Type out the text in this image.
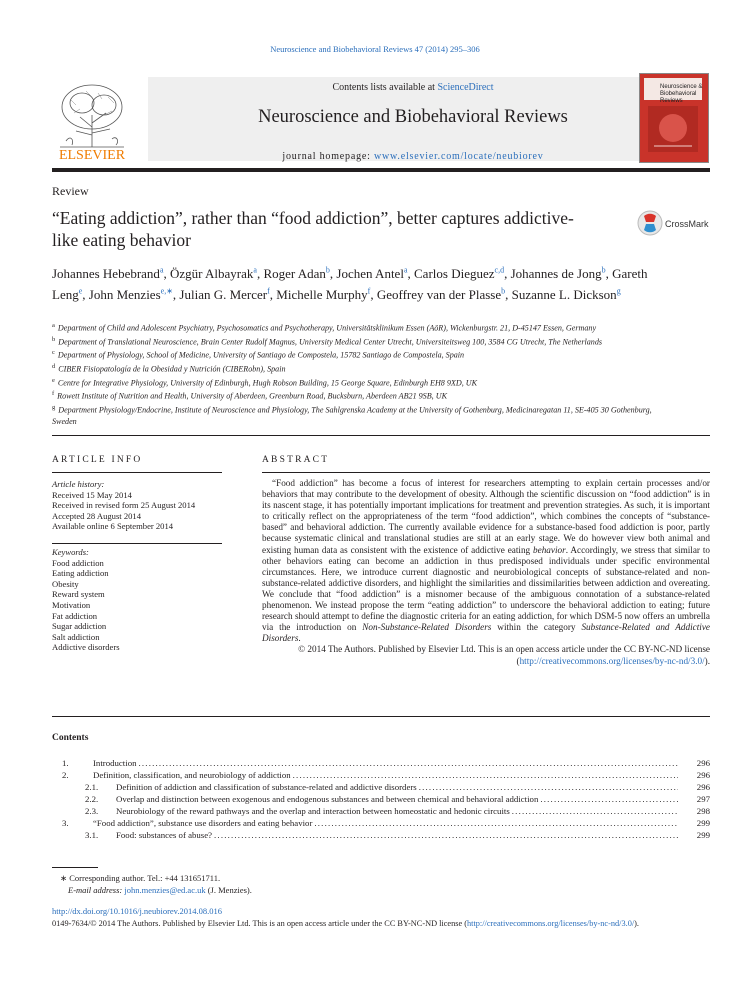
Neuroscience and Biobehavioral Reviews 47 (2014) 295–306
ELSEVIER
Contents lists available at ScienceDirect
Neuroscience and Biobehavioral Reviews
journal homepage: www.elsevier.com/locate/neubiorev
Neuroscience & Biobehavioral Reviews
Review
“Eating addiction”, rather than “food addiction”, better captures addictive-like eating behavior
CrossMark
Johannes Hebebrand$^a$, Özgür Albayrak$^a$, Roger Adan$^b$, Jochen Antel$^a$, Carlos Dieguez$^{c,d}$, Johannes de Jong$^b$, Gareth Leng$^e$, John Menzies$^{e,∗}$, Julian G. Mercer$^f$, Michelle Murphy$^f$, Geoffrey van der Plasse$^b$, Suzanne L. Dickson$^g$
$^a$ Department of Child and Adolescent Psychiatry, Psychosomatics and Psychotherapy, Universitätsklinikum Essen (AöR), Wickenburgstr. 21, D-45147 Essen, Germany
$^b$ Department of Translational Neuroscience, Brain Center Rudolf Magnus, University Medical Center Utrecht, Universiteitsweg 100, 3584 CG Utrecht, The Netherlands
$^c$ Department of Physiology, School of Medicine, University of Santiago de Compostela, 15782 Santiago de Compostela, Spain
$^d$ CIBER Fisiopatología de la Obesidad y Nutrición (CIBERobn), Spain
$^e$ Centre for Integrative Physiology, University of Edinburgh, Hugh Robson Building, 15 George Square, Edinburgh EH8 9XD, UK
$^f$ Rowett Institute of Nutrition and Health, University of Aberdeen, Greenburn Road, Bucksburn, Aberdeen AB21 9SB, UK
$^g$ Department Physiology/Endocrine, Institute of Neuroscience and Physiology, The Sahlgrenska Academy at the University of Gothenburg, Medicinaregatan 11, SE-405 30 Gothenburg, Sweden
ARTICLE INFO
Article history:
Received 15 May 2014
Received in revised form 25 August 2014
Accepted 28 August 2014
Available online 6 September 2014
Keywords:
Food addiction
Eating addiction
Obesity
Reward system
Motivation
Fat addiction
Sugar addiction
Salt addiction
Addictive disorders
ABSTRACT

“Food addiction” has become a focus of interest for researchers attempting to explain certain processes and/or behaviors that may contribute to the development of obesity. Although the scientific discussion on “food addiction” is in its nascent stage, it has potentially important implications for treatment and prevention strategies. As such, it is important to critically reflect on the appropriateness of the term “food addiction”, which combines the concepts of “substance-based” and behavioral addiction. The currently available evidence for a substance-based food addiction is poor, partly because systematic clinical and translational studies are still at an early stage. We do however view both animal and existing human data as consistent with the existence of addictive eating behavior. Accordingly, we stress that similar to other behaviors eating can become an addiction in thus predisposed individuals under specific environmental circumstances. Here, we introduce current diagnostic and neurobiological concepts of substance-related and non-substance-related addictive disorders, and highlight the similarities and dissimilarities between addiction and overeating. We conclude that “food addiction” is a misnomer because of the ambiguous connotation of a substance-related phenomenon. We instead propose the term “eating addiction” to underscore the behavioral addiction to eating; future research should attempt to define the diagnostic criteria for an eating addiction, for which DSM-5 now offers an umbrella via the introduction on Non-Substance-Related Disorders within the category Substance-Related and Addictive Disorders.

© 2014 The Authors. Published by Elsevier Ltd. This is an open access article under the CC BY-NC-ND license (http://creativecommons.org/licenses/by-nc-nd/3.0/).

Contents
1.	Introduction .....	296
2.	Definition, classification, and neurobiology of addiction .....	296
2.1.	Definition of addiction and classification of substance-related and addictive disorders .....	296
2.2.	Overlap and distinction between exogenous and endogenous substances and between chemical and behavioral addiction .....	297
2.3.	Neurobiology of the reward pathways and the overlap and interaction between homeostatic and hedonic circuits .....	298
3.	“Food addiction”, substance use disorders and eating behavior .....	299
3.1.	Food: substances of abuse? .....	299
∗ Corresponding author. Tel.: +44 131651711.
E-mail address: john.menzies@ed.ac.uk (J. Menzies).
http://dx.doi.org/10.1016/j.neubiorev.2014.08.016
0149-7634/© 2014 The Authors. Published by Elsevier Ltd. This is an open access article under the CC BY-NC-ND license (http://creativecommons.org/licenses/by-nc-nd/3.0/).
